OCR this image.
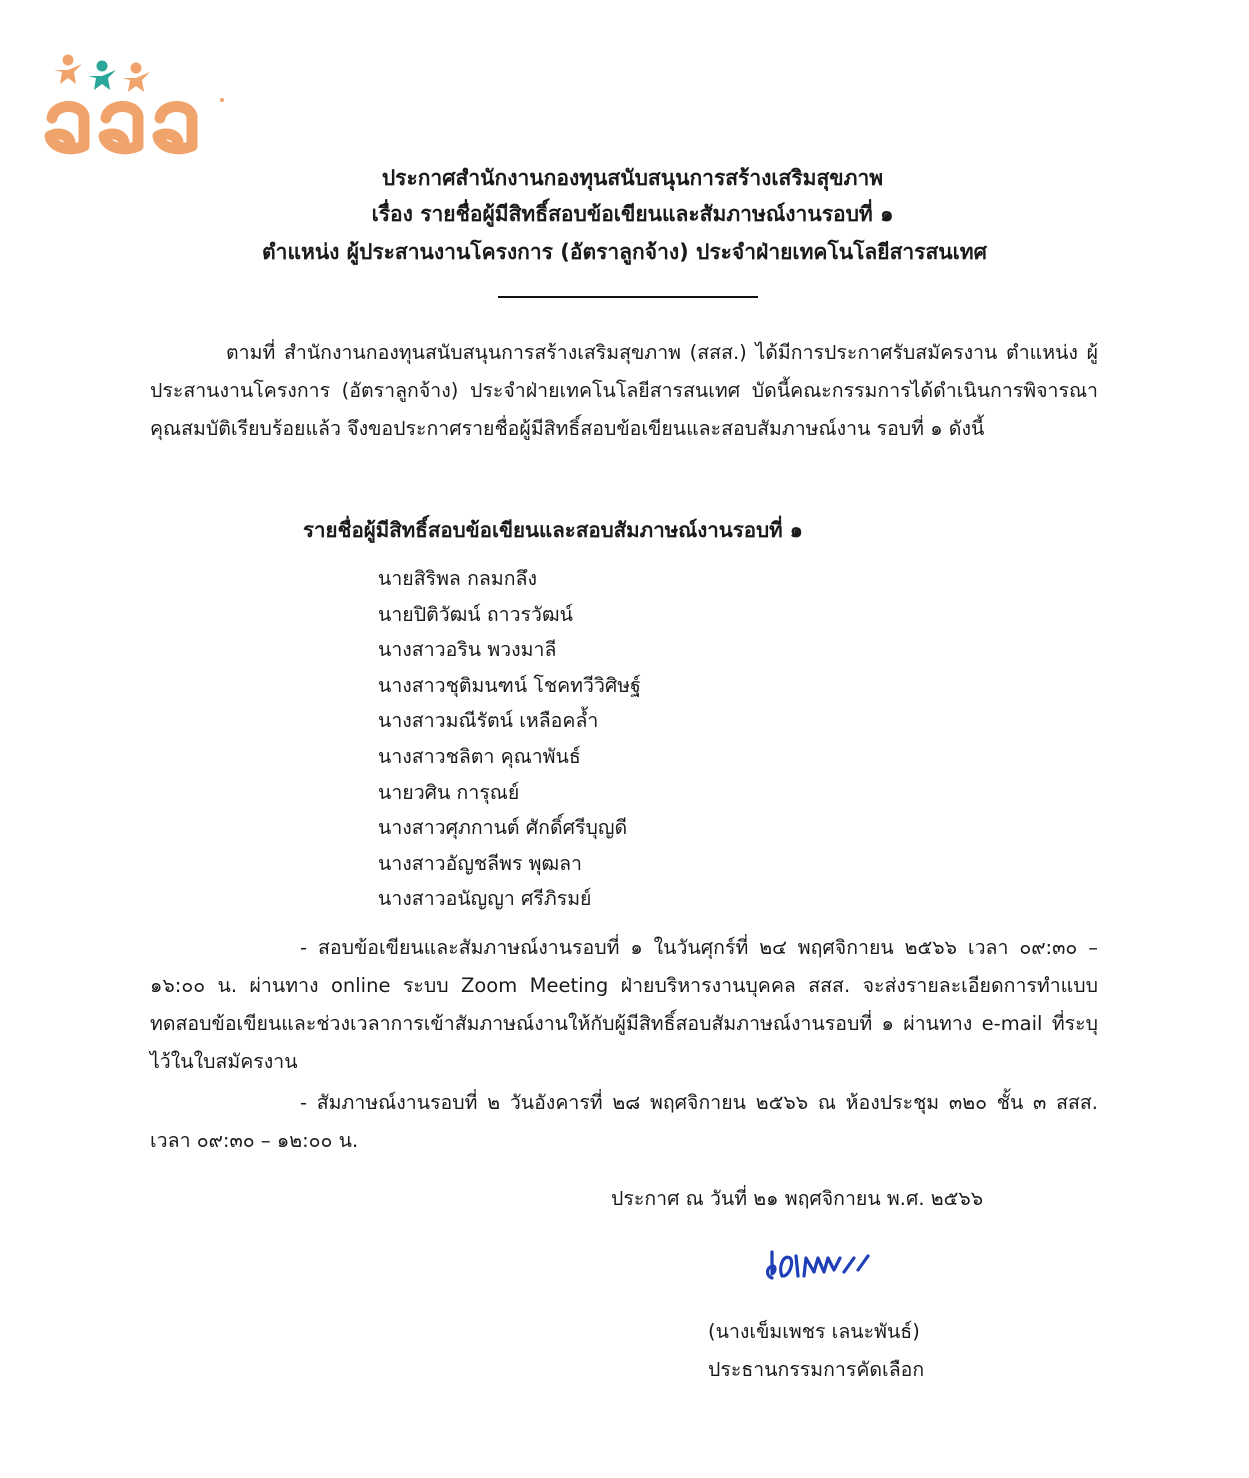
ประกาศสำนักงานกองทุนสนับสนุนการสร้างเสริมสุขภาพ
เรื่อง รายชื่อผู้มีสิทธิ์สอบข้อเขียนและสัมภาษณ์งานรอบที่ ๑
ตำแหน่ง ผู้ประสานงานโครงการ (อัตราลูกจ้าง) ประจำฝ่ายเทคโนโลยีสารสนเทศ
ตามที่ สำนักงานกองทุนสนับสนุนการสร้างเสริมสุขภาพ (สสส.) ได้มีการประกาศรับสมัครงาน ตำแหน่ง ผู้ประสานงานโครงการ (อัตราลูกจ้าง) ประจำฝ่ายเทคโนโลยีสารสนเทศ บัดนี้คณะกรรมการได้ดำเนินการพิจารณาคุณสมบัติเรียบร้อยแล้ว จึงขอประกาศรายชื่อผู้มีสิทธิ์สอบข้อเขียนและสอบสัมภาษณ์งาน รอบที่ ๑ ดังนี้
รายชื่อผู้มีสิทธิ์สอบข้อเขียนและสอบสัมภาษณ์งานรอบที่ ๑
นายสิริพล กลมกลึง
นายปิติวัฒน์ ถาวรวัฒน์
นางสาวอริน พวงมาลี
นางสาวชุติมนฑน์ โชคทวีวิศิษฐ์
นางสาวมณีรัตน์ เหลือคล้ำ
นางสาวชลิตา คุณาพันธ์
นายวศิน การุณย์
นางสาวศุภกานต์ ศักดิ์ศรีบุญดี
นางสาวอัญชลีพร พุฒลา
นางสาวอนัญญา ศรีภิรมย์
- สอบข้อเขียนและสัมภาษณ์งานรอบที่ ๑ ในวันศุกร์ที่ ๒๔ พฤศจิกายน ๒๕๖๖ เวลา ๐๙:๓๐ – ๑๖:๐๐ น. ผ่านทาง online ระบบ Zoom Meeting ฝ่ายบริหารงานบุคคล สสส. จะส่งรายละเอียดการทำแบบทดสอบข้อเขียนและช่วงเวลาการเข้าสัมภาษณ์งานให้กับผู้มีสิทธิ์สอบสัมภาษณ์งานรอบที่ ๑ ผ่านทาง e-mail ที่ระบุไว้ในใบสมัครงาน
- สัมภาษณ์งานรอบที่ ๒ วันอังคารที่ ๒๘ พฤศจิกายน ๒๕๖๖ ณ ห้องประชุม ๓๒๐ ชั้น ๓ สสส. เวลา ๐๙:๓๐ – ๑๒:๐๐ น.
ประกาศ ณ วันที่ ๒๑ พฤศจิกายน พ.ศ. ๒๕๖๖
(นางเข็มเพชร เลนะพันธ์)
ประธานกรรมการคัดเลือก
